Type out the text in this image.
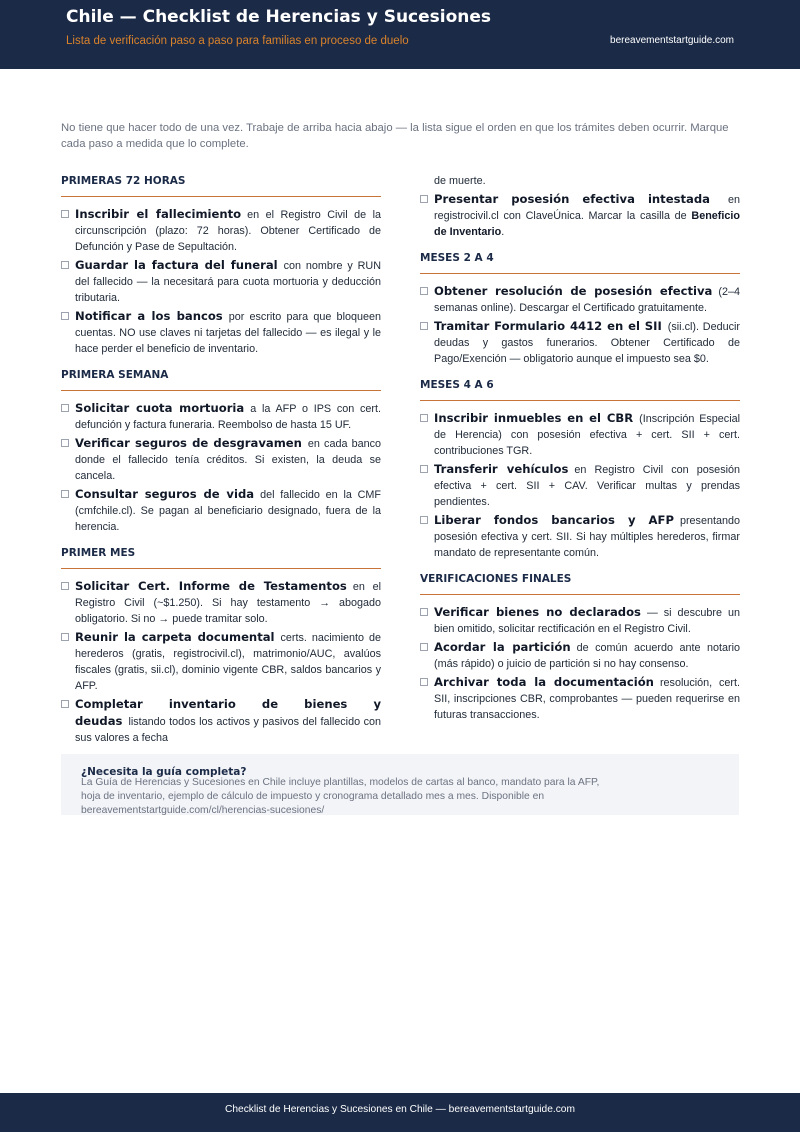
Chile — Checklist de Herencias y Sucesiones
Lista de verificación paso a paso para familias en proceso de duelo	bereavementstartguide.com

No tiene que hacer todo de una vez. Trabaje de arriba hacia abajo — la lista sigue el orden en que los trámites deben ocurrir. Marque cada paso a medida que lo complete.

PRIMERAS 72 HORAS
Inscribir el fallecimiento en el Registro Civil de la circunscripción (plazo: 72 horas). Obtener Certificado de Defunción y Pase de Sepultación.
Guardar la factura del funeral con nombre y RUN del fallecido — la necesitará para cuota mortuoria y deducción tributaria.
Notificar a los bancos por escrito para que bloqueen cuentas. NO use claves ni tarjetas del fallecido — es ilegal y le hace perder el beneficio de inventario.
PRIMERA SEMANA
Solicitar cuota mortuoria a la AFP o IPS con cert. defunción y factura funeraria. Reembolso de hasta 15 UF.
Verificar seguros de desgravamen en cada banco donde el fallecido tenía créditos. Si existen, la deuda se cancela.
Consultar seguros de vida del fallecido en la CMF (cmfchile.cl). Se pagan al beneficiario designado, fuera de la herencia.
PRIMER MES
Solicitar Cert. Informe de Testamentos en el Registro Civil (~$1.250). Si hay testamento → abogado obligatorio. Si no → puede tramitar solo.
Reunir la carpeta documental certs. nacimiento de herederos (gratis, registrocivil.cl), matrimonio/AUC, avalúos fiscales (gratis, sii.cl), dominio vigente CBR, saldos bancarios y AFP.
Completar inventario de bienes y deudas listando todos los activos y pasivos del fallecido con sus valores a fecha
de muerte.
Presentar posesión efectiva intestada en registrocivil.cl con ClaveÚnica. Marcar la casilla de Beneficio de Inventario.
MESES 2 A 4
Obtener resolución de posesión efectiva (2–4 semanas online). Descargar el Certificado gratuitamente.
Tramitar Formulario 4412 en el SII (sii.cl). Deducir deudas y gastos funerarios. Obtener Certificado de Pago/Exención — obligatorio aunque el impuesto sea $0.
MESES 4 A 6
Inscribir inmuebles en el CBR (Inscripción Especial de Herencia) con posesión efectiva + cert. SII + cert. contribuciones TGR.
Transferir vehículos en Registro Civil con posesión efectiva + cert. SII + CAV. Verificar multas y prendas pendientes.
Liberar fondos bancarios y AFP presentando posesión efectiva y cert. SII. Si hay múltiples herederos, firmar mandato de representante común.
VERIFICACIONES FINALES
Verificar bienes no declarados — si descubre un bien omitido, solicitar rectificación en el Registro Civil.
Acordar la partición de común acuerdo ante notario (más rápido) o juicio de partición si no hay consenso.
Archivar toda la documentación resolución, cert. SII, inscripciones CBR, comprobantes — pueden requerirse en futuras transacciones.
¿Necesita la guía completa?
La Guía de Herencias y Sucesiones en Chile incluye plantillas, modelos de cartas al banco, mandato para la AFP, hoja de inventario, ejemplo de cálculo de impuesto y cronograma detallado mes a mes. Disponible en bereavementstartguide.com/cl/herencias-sucesiones/
Checklist de Herencias y Sucesiones en Chile — bereavementstartguide.com
